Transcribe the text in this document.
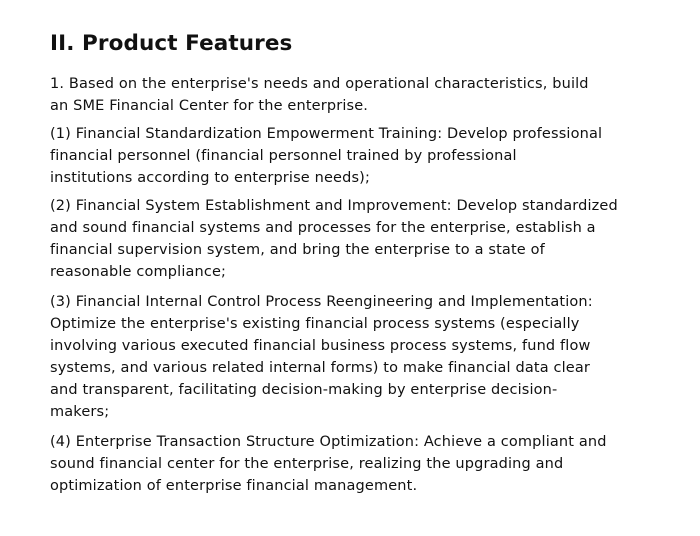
II. Product Features

1. Based on the enterprise's needs and operational characteristics, build
an SME Financial Center for the enterprise.

(1) Financial Standardization Empowerment Training: Develop professional
financial personnel (financial personnel trained by professional
institutions according to enterprise needs);

(2) Financial System Establishment and Improvement: Develop standardized
and sound financial systems and processes for the enterprise, establish a
financial supervision system, and bring the enterprise to a state of
reasonable compliance;

(3) Financial Internal Control Process Reengineering and Implementation:
Optimize the enterprise's existing financial process systems (especially
involving various executed financial business process systems, fund flow
systems, and various related internal forms) to make financial data clear
and transparent, facilitating decision-making by enterprise decision-
makers;

(4) Enterprise Transaction Structure Optimization: Achieve a compliant and
sound financial center for the enterprise, realizing the upgrading and
optimization of enterprise financial management.
